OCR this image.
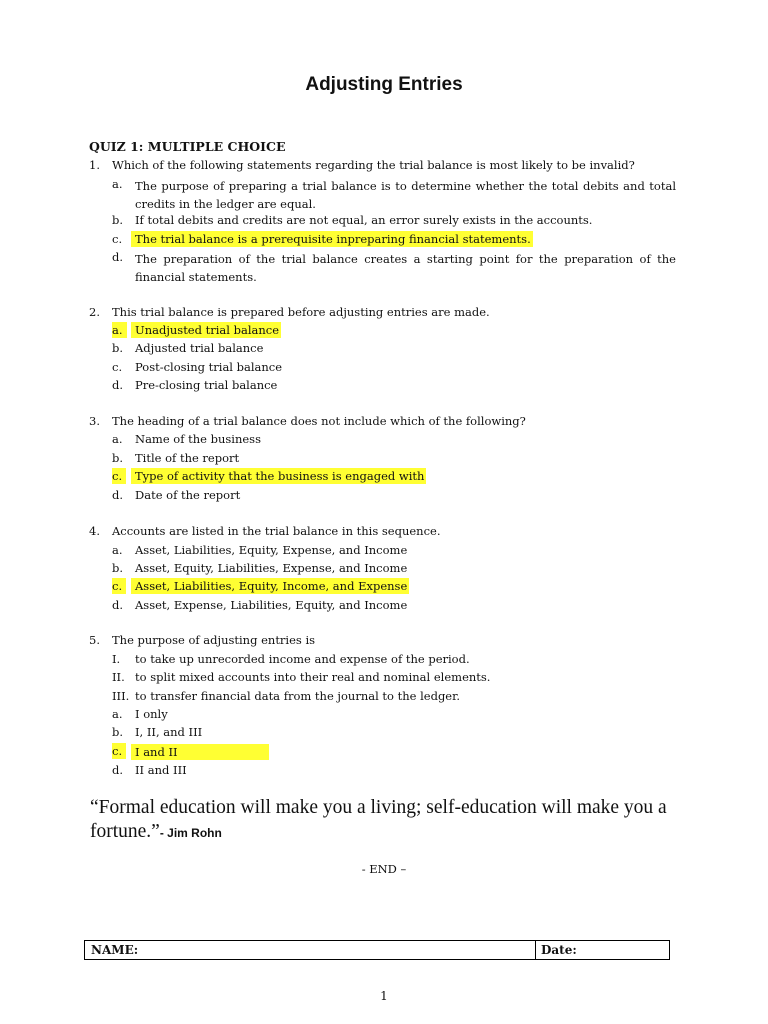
Adjusting Entries
QUIZ 1: MULTIPLE CHOICE
1. Which of the following statements regarding the trial balance is most likely to be invalid?
a. The purpose of preparing a trial balance is to determine whether the total debits and total credits in the ledger are equal.
b. If total debits and credits are not equal, an error surely exists in the accounts.
c. The trial balance is a prerequisite inpreparing financial statements.
d. The preparation of the trial balance creates a starting point for the preparation of the financial statements.
2. This trial balance is prepared before adjusting entries are made.
a.	Unadjusted trial balance
b. Adjusted trial balance
c. Post-closing trial balance
d. Pre-closing trial balance
3. The heading of a trial balance does not include which of the following?
a. Name of the business
b. Title of the report
c.	Type of activity that the business is engaged with
d. Date of the report
4. Accounts are listed in the trial balance in this sequence.
a. Asset, Liabilities, Equity, Expense, and Income
b. Asset, Equity, Liabilities, Expense, and Income
c.	Asset, Liabilities, Equity, Income, and Expense
d. Asset, Expense, Liabilities, Equity, and Income
5. The purpose of adjusting entries is
I. to take up unrecorded income and expense of the period.
II. to split mixed accounts into their real and nominal elements.
III. to transfer financial data from the journal to the ledger.
a. I only
b. I, II, and III
c.	I and II
d. II and III
“Formal education will make you a living; self-education will make you a fortune.”- Jim Rohn
- END –
NAME:	Date:
1
